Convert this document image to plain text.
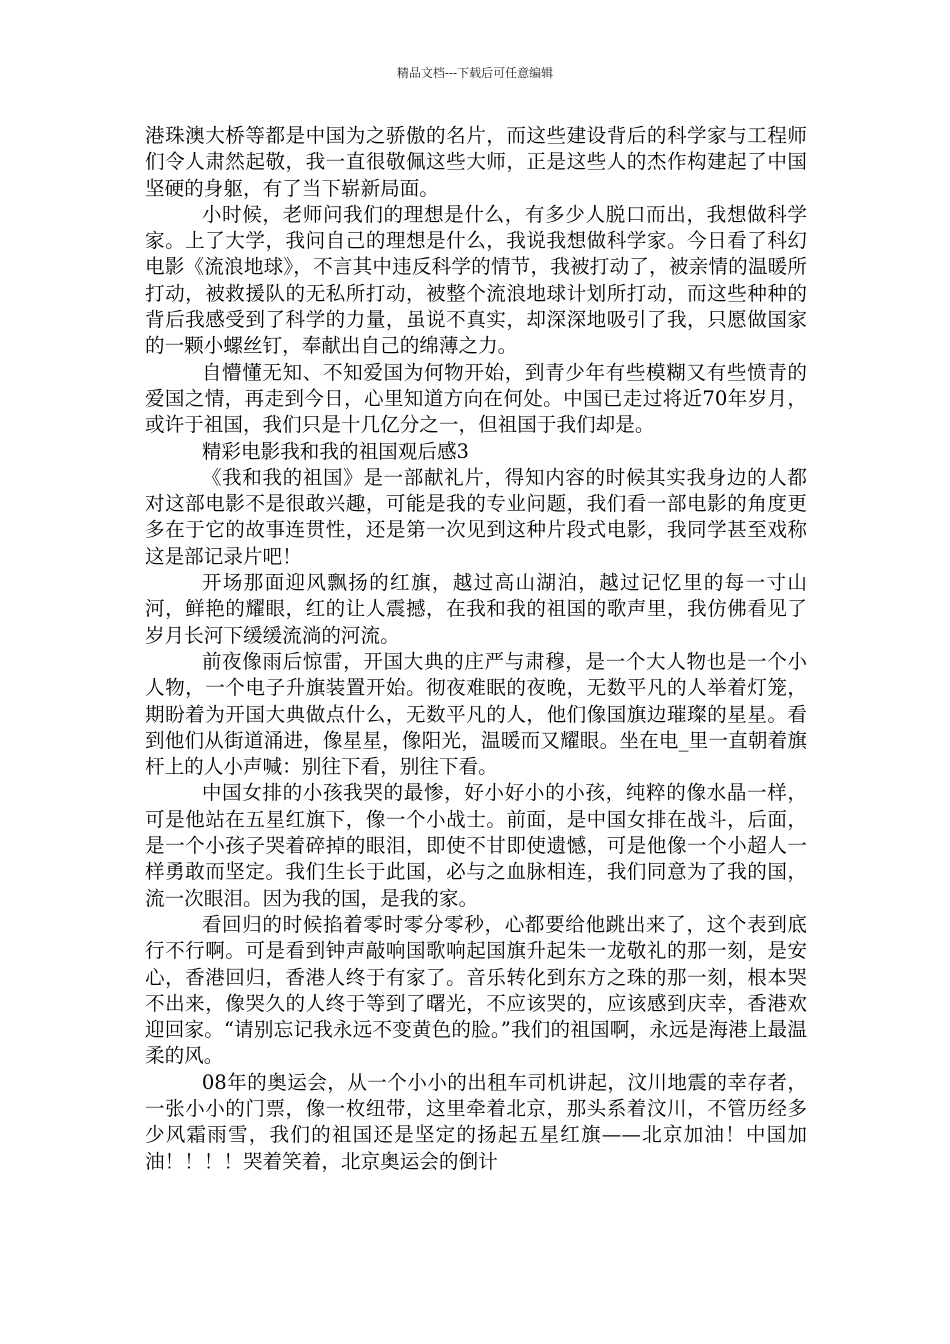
精品文档---下载后可任意编辑

港珠澳大桥等都是中国为之骄傲的名片，而这些建设背后的科学家与工程师们令人肃然起敬，我一直很敬佩这些大师，正是这些人的杰作构建起了中国坚硬的身躯，有了当下崭新局面。

小时候，老师问我们的理想是什么，有多少人脱口而出，我想做科学家。上了大学，我问自己的理想是什么，我说我想做科学家。今日看了科幻电影《流浪地球》，不言其中违反科学的情节，我被打动了，被亲情的温暖所打动，被救援队的无私所打动，被整个流浪地球计划所打动，而这些种种的背后我感受到了科学的力量，虽说不真实，却深深地吸引了我，只愿做国家的一颗小螺丝钉，奉献出自己的绵薄之力。

自懵懂无知、不知爱国为何物开始，到青少年有些模糊又有些愤青的爱国之情，再走到今日，心里知道方向在何处。中国已走过将近70年岁月，或许于祖国，我们只是十几亿分之一，但祖国于我们却是。

精彩电影我和我的祖国观后感3

《我和我的祖国》是一部献礼片，得知内容的时候其实我身边的人都对这部电影不是很敢兴趣，可能是我的专业问题，我们看一部电影的角度更多在于它的故事连贯性，还是第一次见到这种片段式电影，我同学甚至戏称这是部记录片吧！

开场那面迎风飘扬的红旗，越过高山湖泊，越过记忆里的每一寸山河，鲜艳的耀眼，红的让人震撼，在我和我的祖国的歌声里，我仿佛看见了岁月长河下缓缓流淌的河流。

前夜像雨后惊雷，开国大典的庄严与肃穆，是一个大人物也是一个小人物，一个电子升旗装置开始。彻夜难眠的夜晚，无数平凡的人举着灯笼，期盼着为开国大典做点什么，无数平凡的人，他们像国旗边璀璨的星星。看到他们从街道涌进，像星星，像阳光，温暖而又耀眼。坐在电_里一直朝着旗杆上的人小声喊：别往下看，别往下看。

中国女排的小孩我哭的最惨，好小好小的小孩，纯粹的像水晶一样，可是他站在五星红旗下，像一个小战士。前面，是中国女排在战斗，后面，是一个小孩子哭着碎掉的眼泪，即使不甘即使遗憾，可是他像一个小超人一样勇敢而坚定。我们生长于此国，必与之血脉相连，我们同意为了我的国，流一次眼泪。因为我的国，是我的家。

看回归的时候掐着零时零分零秒，心都要给他跳出来了，这个表到底行不行啊。可是看到钟声敲响国歌响起国旗升起朱一龙敬礼的那一刻，是安心，香港回归，香港人终于有家了。音乐转化到东方之珠的那一刻，根本哭不出来，像哭久的人终于等到了曙光，不应该哭的，应该感到庆幸，香港欢迎回家。“请别忘记我永远不变黄色的脸。”我们的祖国啊，永远是海港上最温柔的风。

08年的奥运会，从一个小小的出租车司机讲起，汶川地震的幸存者，一张小小的门票，像一枚纽带，这里牵着北京，那头系着汶川，不管历经多少风霜雨雪，我们的祖国还是坚定的扬起五星红旗——北京加油！中国加油！！！！哭着笑着，北京奥运会的倒计
